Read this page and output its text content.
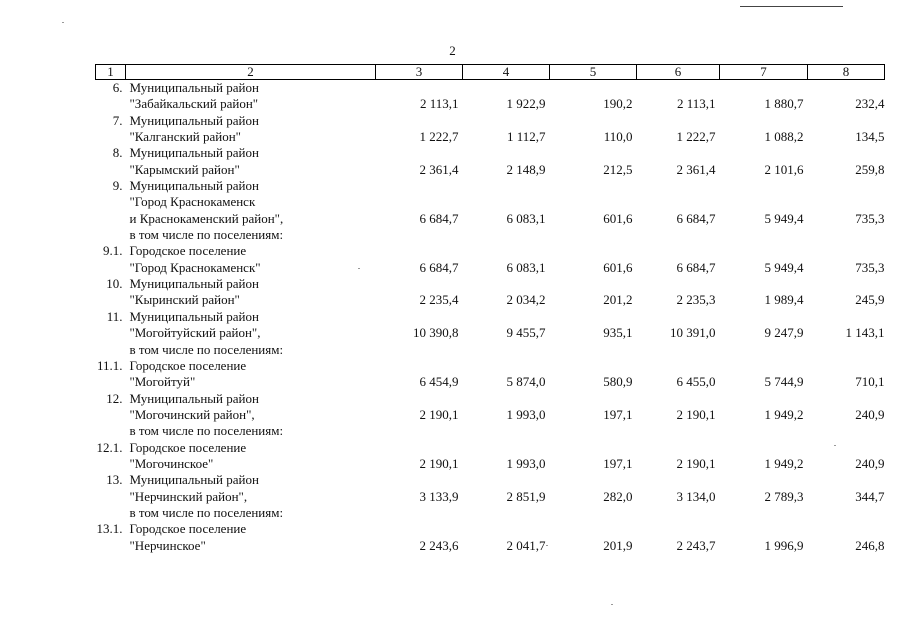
2
1	2	3	4	5	6	7	8
6.	Муниципальный район
"Забайкальский район"	2 113,1	1 922,9	190,2	2 113,1	1 880,7	232,4
7.	Муниципальный район
"Калганский район"	1 222,7	1 112,7	110,0	1 222,7	1 088,2	134,5
8.	Муниципальный район
"Карымский район"	2 361,4	2 148,9	212,5	2 361,4	2 101,6	259,8
9.	Муниципальный район
"Город Краснокаменск
и Краснокаменский район",	6 684,7	6 083,1	601,6	6 684,7	5 949,4	735,3

	в том числе по поселениям:						

9.1.	Городское поселение
"Город Краснокаменск"	6 684,7	6 083,1	601,6	6 684,7	5 949,4	735,3
10.	Муниципальный район
"Кыринский район"	2 235,4	2 034,2	201,2	2 235,3	1 989,4	245,9
11.	Муниципальный район
"Могойтуйский район",	10 390,8	9 455,7	935,1	10 391,0	9 247,9	1 143,1

	в том числе по поселениям:						

11.1.	Городское поселение
"Могойтуй"	6 454,9	5 874,0	580,9	6 455,0	5 744,9	710,1
12.	Муниципальный район
"Могочинский район",	2 190,1	1 993,0	197,1	2 190,1	1 949,2	240,9

	в том числе по поселениям:						

12.1.	Городское поселение
"Могочинское"	2 190,1	1 993,0	197,1	2 190,1	1 949,2	240,9
13.	Муниципальный район
"Нерчинский район",	3 133,9	2 851,9	282,0	3 134,0	2 789,3	344,7

	в том числе по поселениям:						

13.1.	Городское поселение
"Нерчинское"	2 243,6	2 041,7	201,9	2 243,7	1 996,9	246,8
